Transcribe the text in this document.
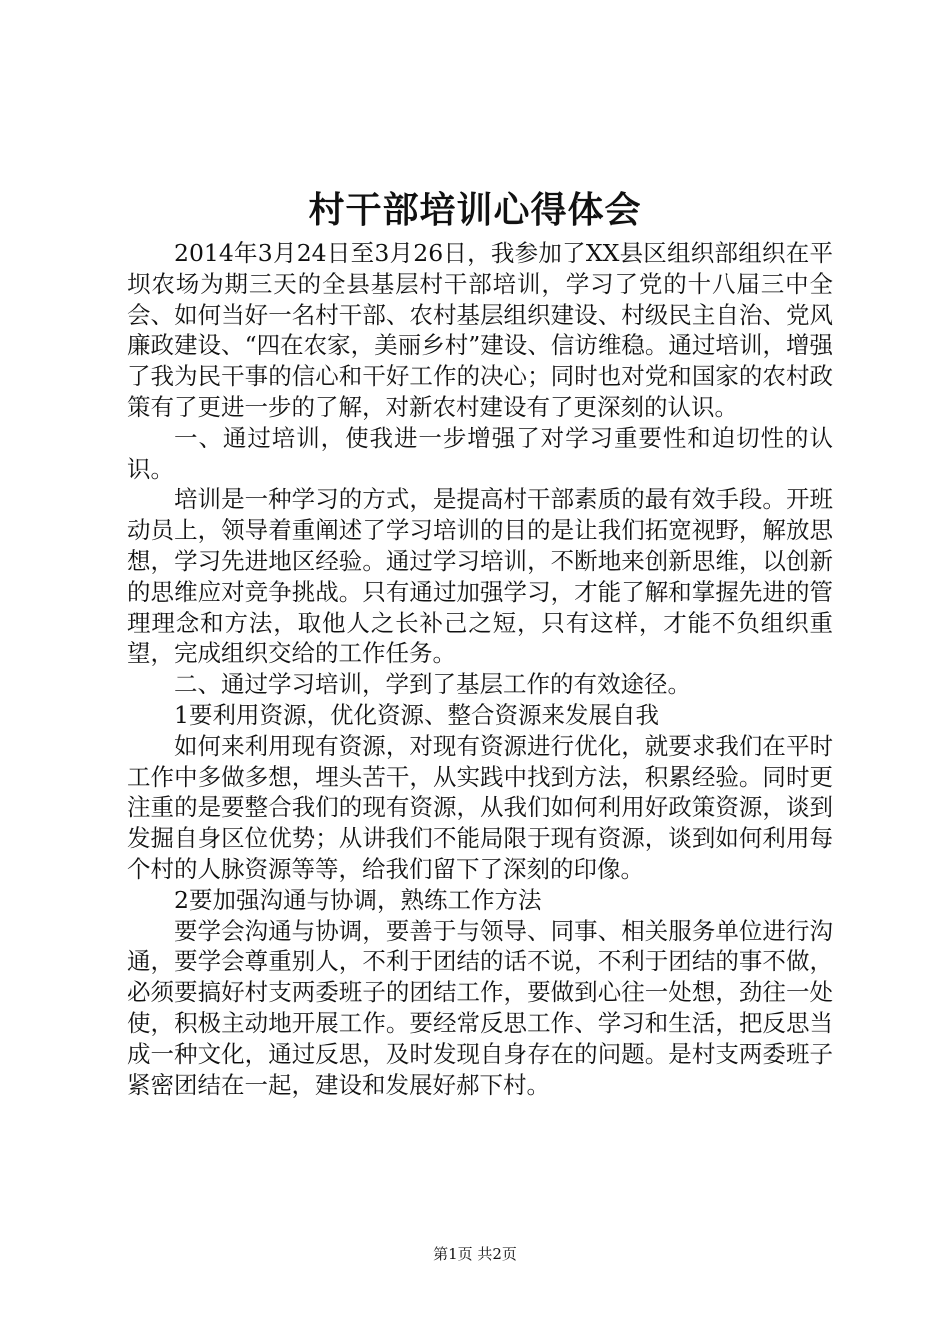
村干部培训心得体会

2014年3月24日至3月26日，我参加了XX县区组织部组织在平坝农场为期三天的全县基层村干部培训，学习了党的十八届三中全会、如何当好一名村干部、农村基层组织建设、村级民主自治、党风廉政建设、“四在农家，美丽乡村”建设、信访维稳。通过培训，增强了我为民干事的信心和干好工作的决心；同时也对党和国家的农村政策有了更进一步的了解，对新农村建设有了更深刻的认识。

一、通过培训，使我进一步增强了对学习重要性和迫切性的认识。

培训是一种学习的方式，是提高村干部素质的最有效手段。开班动员上，领导着重阐述了学习培训的目的是让我们拓宽视野，解放思想，学习先进地区经验。通过学习培训，不断地来创新思维，以创新的思维应对竞争挑战。只有通过加强学习，才能了解和掌握先进的管理理念和方法，取他人之长补己之短，只有这样，才能不负组织重望，完成组织交给的工作任务。

二、通过学习培训，学到了基层工作的有效途径。

1要利用资源，优化资源、整合资源来发展自我

如何来利用现有资源，对现有资源进行优化，就要求我们在平时工作中多做多想，埋头苦干，从实践中找到方法，积累经验。同时更注重的是要整合我们的现有资源，从我们如何利用好政策资源，谈到发掘自身区位优势；从讲我们不能局限于现有资源，谈到如何利用每个村的人脉资源等等，给我们留下了深刻的印像。

2要加强沟通与协调，熟练工作方法

要学会沟通与协调，要善于与领导、同事、相关服务单位进行沟通，要学会尊重别人，不利于团结的话不说，不利于团结的事不做，必须要搞好村支两委班子的团结工作，要做到心往一处想，劲往一处使，积极主动地开展工作。要经常反思工作、学习和生活，把反思当成一种文化，通过反思，及时发现自身存在的问题。是村支两委班子紧密团结在一起，建设和发展好郝下村。

第1页 共2页
